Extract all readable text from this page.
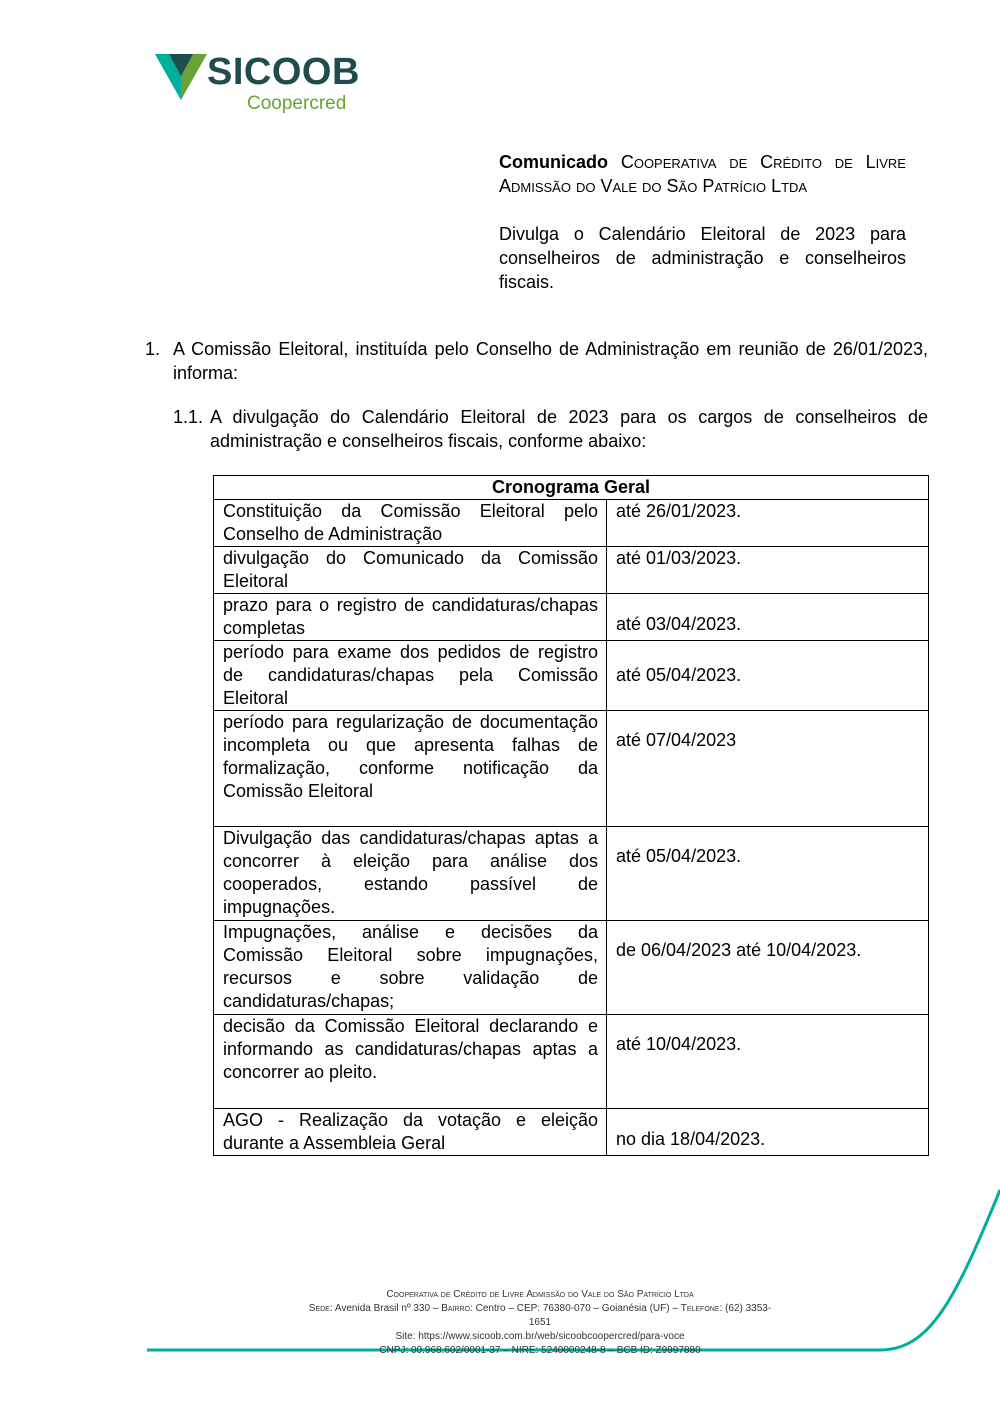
SICOOB
Coopercred

Comunicado Cooperativa de Crédito de Livre Admissão do Vale do São Patrício Ltda

Divulga o Calendário Eleitoral de 2023 para conselheiros de administração e conselheiros fiscais.

1. A Comissão Eleitoral, instituída pelo Conselho de Administração em reunião de 26/01/2023, informa:
1.1. A divulgação do Calendário Eleitoral de 2023 para os cargos de conselheiros de administração e conselheiros fiscais, conforme abaixo:
Cronograma Geral	
Constituição da Comissão Eleitoral pelo Conselho de Administração	até 26/01/2023.
divulgação do Comunicado da Comissão Eleitoral	até 01/03/2023.
prazo para o registro de candidaturas/chapas completas	até 03/04/2023.
período para exame dos pedidos de registro de candidaturas/chapas pela Comissão Eleitoral	até 05/04/2023.
período para regularização de documentação incompleta ou que apresenta falhas de formalização, conforme notificação da Comissão Eleitoral	até 07/04/2023
Divulgação das candidaturas/chapas aptas a concorrer à eleição para análise dos cooperados, estando passível de impugnações.	até 05/04/2023.
Impugnações, análise e decisões da Comissão Eleitoral sobre impugnações, recursos e sobre validação de candidaturas/chapas;	de 06/04/2023 até 10/04/2023.
decisão da Comissão Eleitoral declarando e informando as candidaturas/chapas aptas a concorrer ao pleito.	até 10/04/2023.
AGO - Realização da votação e eleição durante a Assembleia Geral	no dia 18/04/2023.
Cooperativa de Crédito de Livre Admissão do Vale do São Patrício Ltda
Sede: Avenida Brasil nº 330 – Bairro: Centro – CEP: 76380-070 – Goianésia (UF) – Telefone: (62) 3353-1651
Site: https://www.sicoob.com.br/web/sicoobcoopercred/para-voce
CNPJ: 00.968.602/0001-37 – NIRE: 5240000248-8 – BCB ID: Z9997880
